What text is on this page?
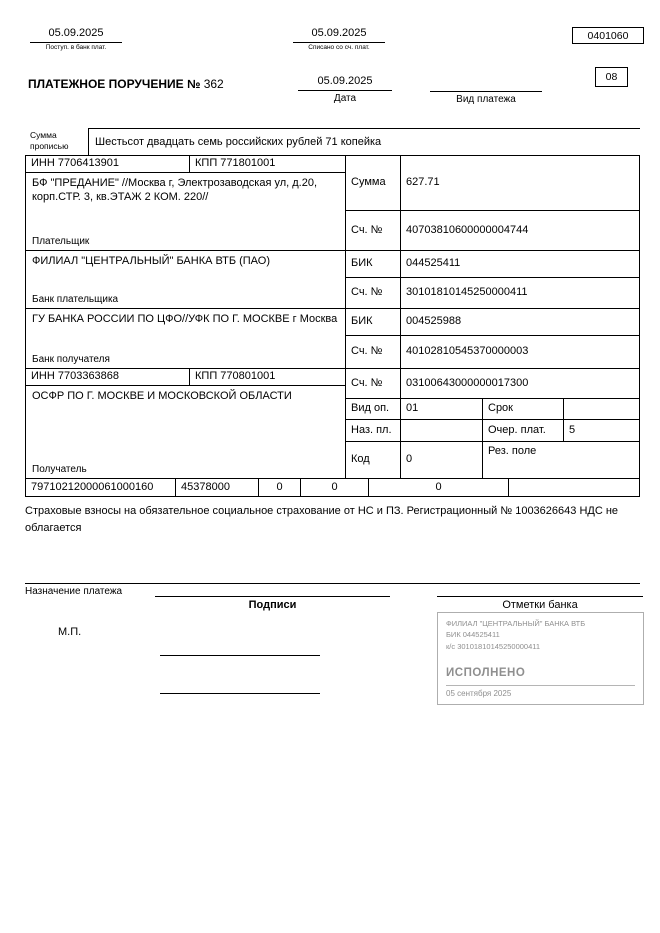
05.09.2025
Поступ. в банк плат.
05.09.2025
Списано со сч. плат.
0401060
ПЛАТЕЖНОЕ ПОРУЧЕНИЕ № 362	05.09.2025
Дата	Вид платежа
08
Сумма прописью	Шестьсот двадцать семь российских рублей 71 копейка
ИНН 7706413901	КПП 771801001
БФ "ПРЕДАНИЕ" //Москва г, Электрозаводская ул, д.20, корп.СТР. 3, кв.ЭТАЖ 2 КОМ. 220//
Плательщик
ФИЛИАЛ "ЦЕНТРАЛЬНЫЙ" БАНКА ВТБ (ПАО)
Банк плательщика
ГУ БАНКА РОССИИ ПО ЦФО//УФК ПО Г. МОСКВЕ г Москва
Банк получателя
ИНН 7703363868	КПП 770801001
ОСФР ПО Г. МОСКВЕ И МОСКОВСКОЙ ОБЛАСТИ
Получатель
Сумма 627.71
Сч. № 40703810600000004744
БИК	044525411
Сч. № 30101810145250000411
БИК	004525988
Сч. № 40102810545370000003
Сч. № 03100643000000017300
Вид оп. 01	Срок
Наз. пл.	Очер. плат. 5
Код	0
Рез. поле
79710212000061000160	45378000	0	0	0
Страховые взносы на обязательное социальное страхование от НС и ПЗ. Регистрационный № 1003626643 НДС не облагается
Назначение платежа
Подписи	Отметки банка
М.П.
ФИЛИАЛ "ЦЕНТРАЛЬНЫЙ" БАНКА ВТБ
БИК 044525411
к/с 30101810145250000411
ИСПОЛНЕНО
05 сентября 2025
